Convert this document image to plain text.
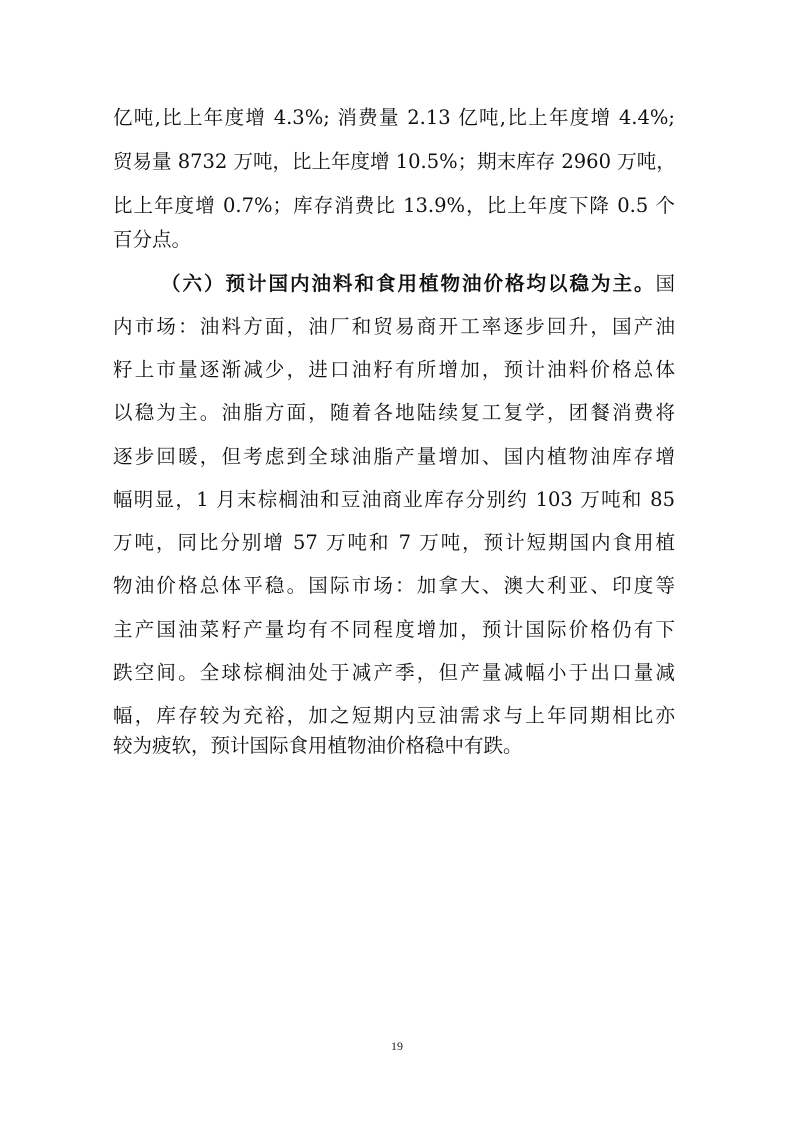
亿吨,比上年度增 4.3%; 消费量 2.13 亿吨,比上年度增 4.4%;
贸易量 8732 万吨，比上年度增 10.5%；期末库存 2960 万吨，
比上年度增 0.7%；库存消费比 13.9%，比上年度下降 0.5 个
百分点。
（六）预计国内油料和食用植物油价格均以稳为主。国
内市场：油料方面，油厂和贸易商开工率逐步回升，国产油
籽上市量逐渐减少，进口油籽有所增加，预计油料价格总体
以稳为主。油脂方面，随着各地陆续复工复学，团餐消费将
逐步回暖，但考虑到全球油脂产量增加、国内植物油库存增
幅明显，1 月末棕榈油和豆油商业库存分别约 103 万吨和 85
万吨，同比分别增 57 万吨和 7 万吨，预计短期国内食用植
物油价格总体平稳。国际市场：加拿大、澳大利亚、印度等
主产国油菜籽产量均有不同程度增加，预计国际价格仍有下
跌空间。全球棕榈油处于减产季，但产量减幅小于出口量减
幅，库存较为充裕，加之短期内豆油需求与上年同期相比亦
较为疲软，预计国际食用植物油价格稳中有跌。
19
